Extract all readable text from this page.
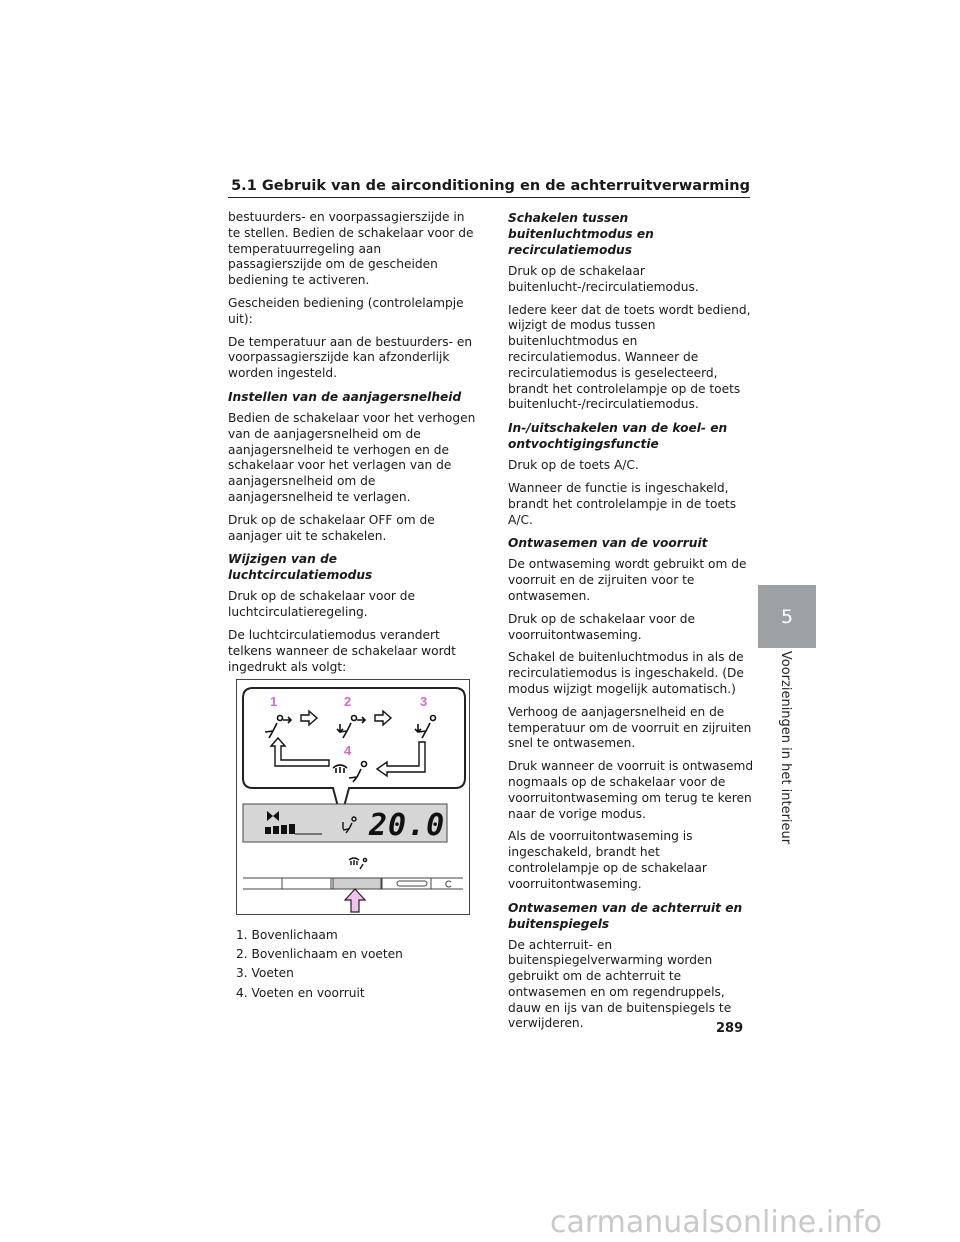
5.1 Gebruik van de airconditioning en de achterruitverwarming
5
Voorzieningen in het interieur

bestuurders- en voorpassagierszijde in te stellen. Bedien de schakelaar voor de temperatuurregeling aan passagierszijde om de gescheiden bediening te activeren.

Gescheiden bediening (controlelampje uit):

De temperatuur aan de bestuurders- en voorpassagierszijde kan afzonderlijk worden ingesteld.

Instellen van de aanjagersnelheid

Bedien de schakelaar voor het verhogen van de aanjagersnelheid om de aanjagersnelheid te verhogen en de schakelaar voor het verlagen van de aanjagersnelheid om de aanjagersnelheid te verlagen.

Druk op de schakelaar OFF om de aanjager uit te schakelen.

Wijzigen van de luchtcirculatiemodus

Druk op de schakelaar voor de luchtcirculatieregeling.

De luchtcirculatiemodus verandert telkens wanneer de schakelaar wordt ingedrukt als volgt:

1	2	3
4
20.0
1. Bovenlichaam
2. Bovenlichaam en voeten
3. Voeten
4. Voeten en voorruit
Schakelen tussen buitenluchtmodus en recirculatiemodus

Druk op de schakelaar buitenlucht-/recirculatiemodus.

Iedere keer dat de toets wordt bediend, wijzigt de modus tussen buitenluchtmodus en recirculatiemodus. Wanneer de recirculatiemodus is geselecteerd, brandt het controlelampje op de toets buitenlucht-/recirculatiemodus.

In-/uitschakelen van de koel- en ontvochtigingsfunctie

Druk op de toets A/C.

Wanneer de functie is ingeschakeld, brandt het controlelampje in de toets A/C.

Ontwasemen van de voorruit

De ontwaseming wordt gebruikt om de voorruit en de zijruiten voor te ontwasemen.

Druk op de schakelaar voor de voorruitontwaseming.

Schakel de buitenluchtmodus in als de recirculatiemodus is ingeschakeld. (De modus wijzigt mogelijk automatisch.)

Verhoog de aanjagersnelheid en de temperatuur om de voorruit en zijruiten snel te ontwasemen.

Druk wanneer de voorruit is ontwasemd nogmaals op de schakelaar voor de voorruitontwaseming om terug te keren naar de vorige modus.

Als de voorruitontwaseming is ingeschakeld, brandt het controlelampje op de schakelaar voorruitontwaseming.

Ontwasemen van de achterruit en buitenspiegels

De achterruit- en buitenspiegelverwarming worden gebruikt om de achterruit te ontwasemen en om regendruppels, dauw en ijs van de buitenspiegels te verwijderen.	289
carmanualsonline.info
